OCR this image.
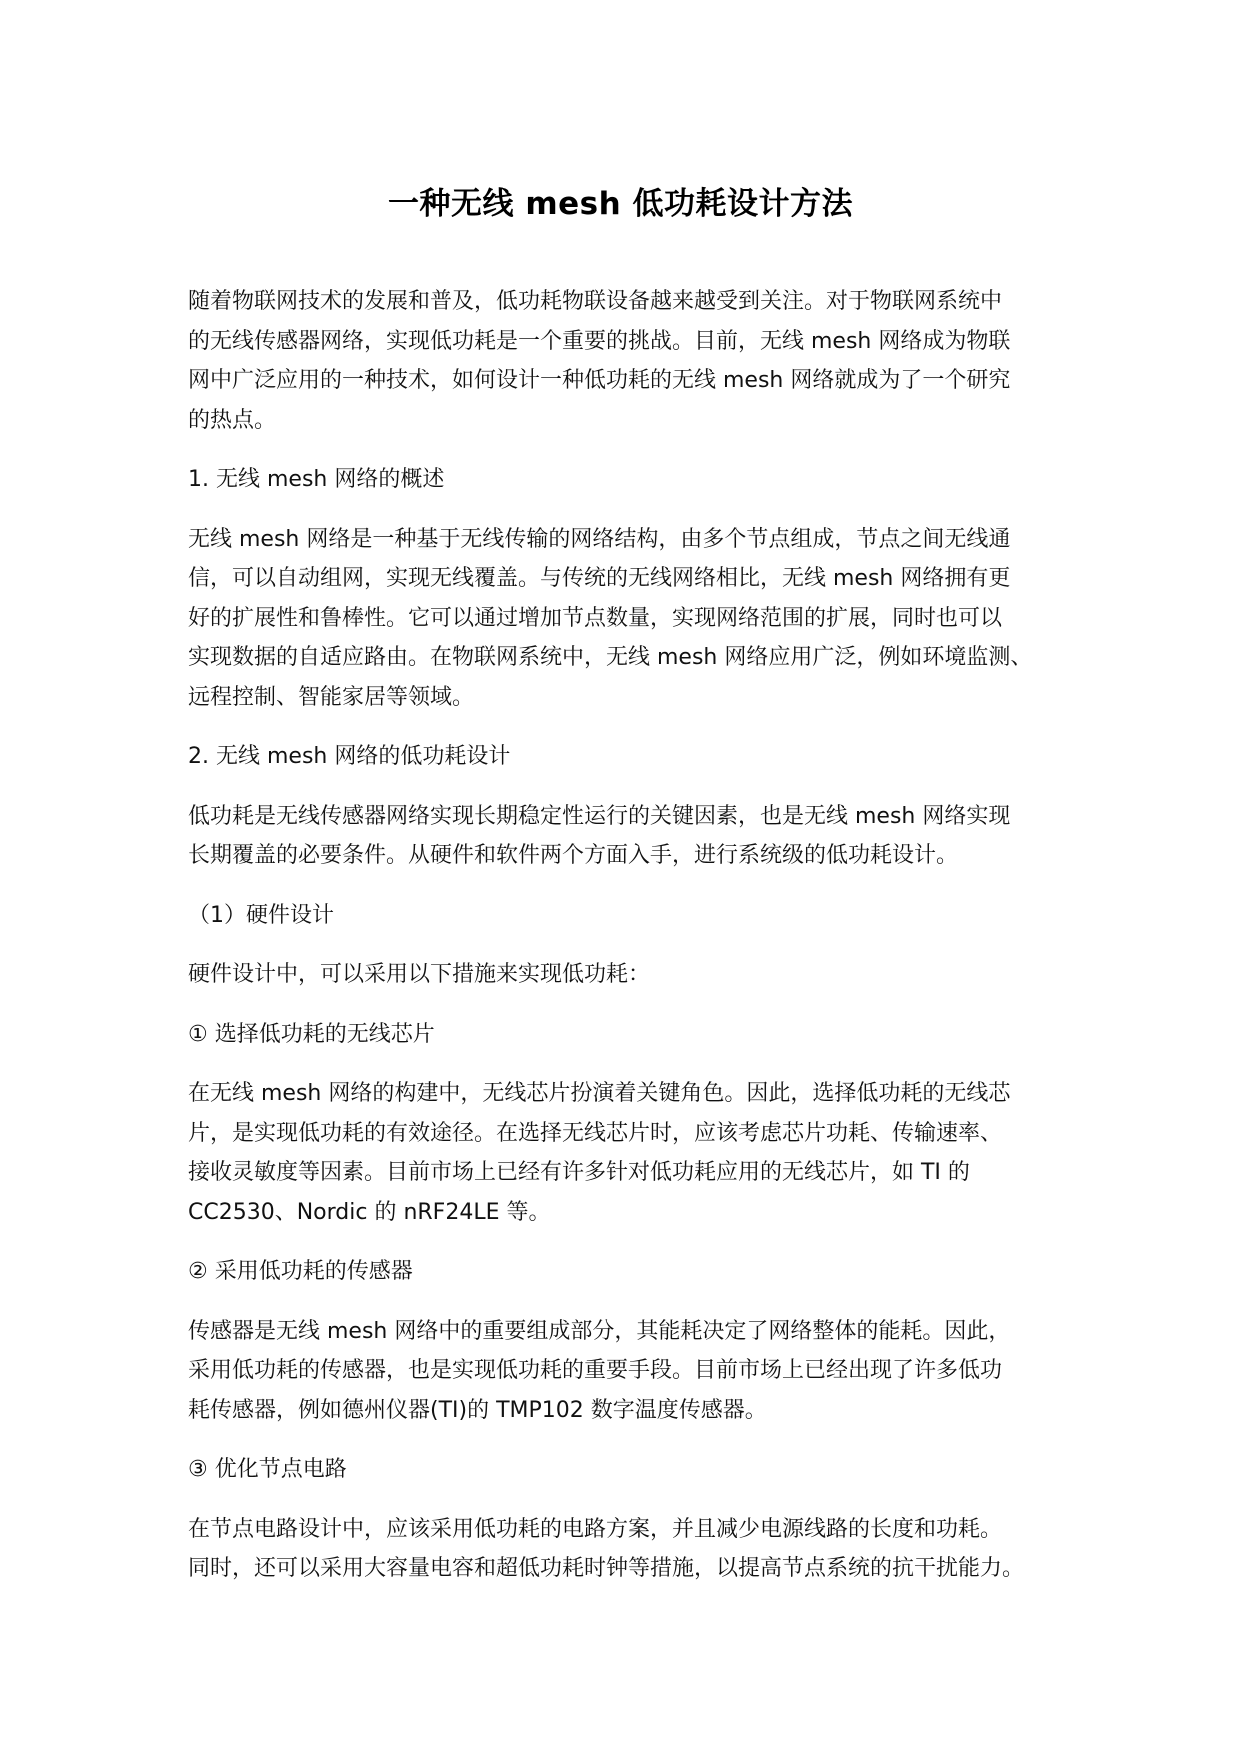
一种无线 mesh 低功耗设计方法
随着物联网技术的发展和普及，低功耗物联设备越来越受到关注。对于物联网系统中
的无线传感器网络，实现低功耗是一个重要的挑战。目前，无线 mesh 网络成为物联
网中广泛应用的一种技术，如何设计一种低功耗的无线 mesh 网络就成为了一个研究
的热点。
1. 无线 mesh 网络的概述
无线 mesh 网络是一种基于无线传输的网络结构，由多个节点组成，节点之间无线通
信，可以自动组网，实现无线覆盖。与传统的无线网络相比，无线 mesh 网络拥有更
好的扩展性和鲁棒性。它可以通过增加节点数量，实现网络范围的扩展，同时也可以
实现数据的自适应路由。在物联网系统中，无线 mesh 网络应用广泛，例如环境监测、
远程控制、智能家居等领域。
2. 无线 mesh 网络的低功耗设计
低功耗是无线传感器网络实现长期稳定性运行的关键因素，也是无线 mesh 网络实现
长期覆盖的必要条件。从硬件和软件两个方面入手，进行系统级的低功耗设计。
（1）硬件设计
硬件设计中，可以采用以下措施来实现低功耗：
① 选择低功耗的无线芯片
在无线 mesh 网络的构建中，无线芯片扮演着关键角色。因此，选择低功耗的无线芯
片，是实现低功耗的有效途径。在选择无线芯片时，应该考虑芯片功耗、传输速率、
接收灵敏度等因素。目前市场上已经有许多针对低功耗应用的无线芯片，如 TI 的
CC2530、Nordic 的 nRF24LE 等。
② 采用低功耗的传感器
传感器是无线 mesh 网络中的重要组成部分，其能耗决定了网络整体的能耗。因此，
采用低功耗的传感器，也是实现低功耗的重要手段。目前市场上已经出现了许多低功
耗传感器，例如德州仪器(TI)的 TMP102 数字温度传感器。
③ 优化节点电路
在节点电路设计中，应该采用低功耗的电路方案，并且减少电源线路的长度和功耗。
同时，还可以采用大容量电容和超低功耗时钟等措施，以提高节点系统的抗干扰能力。
